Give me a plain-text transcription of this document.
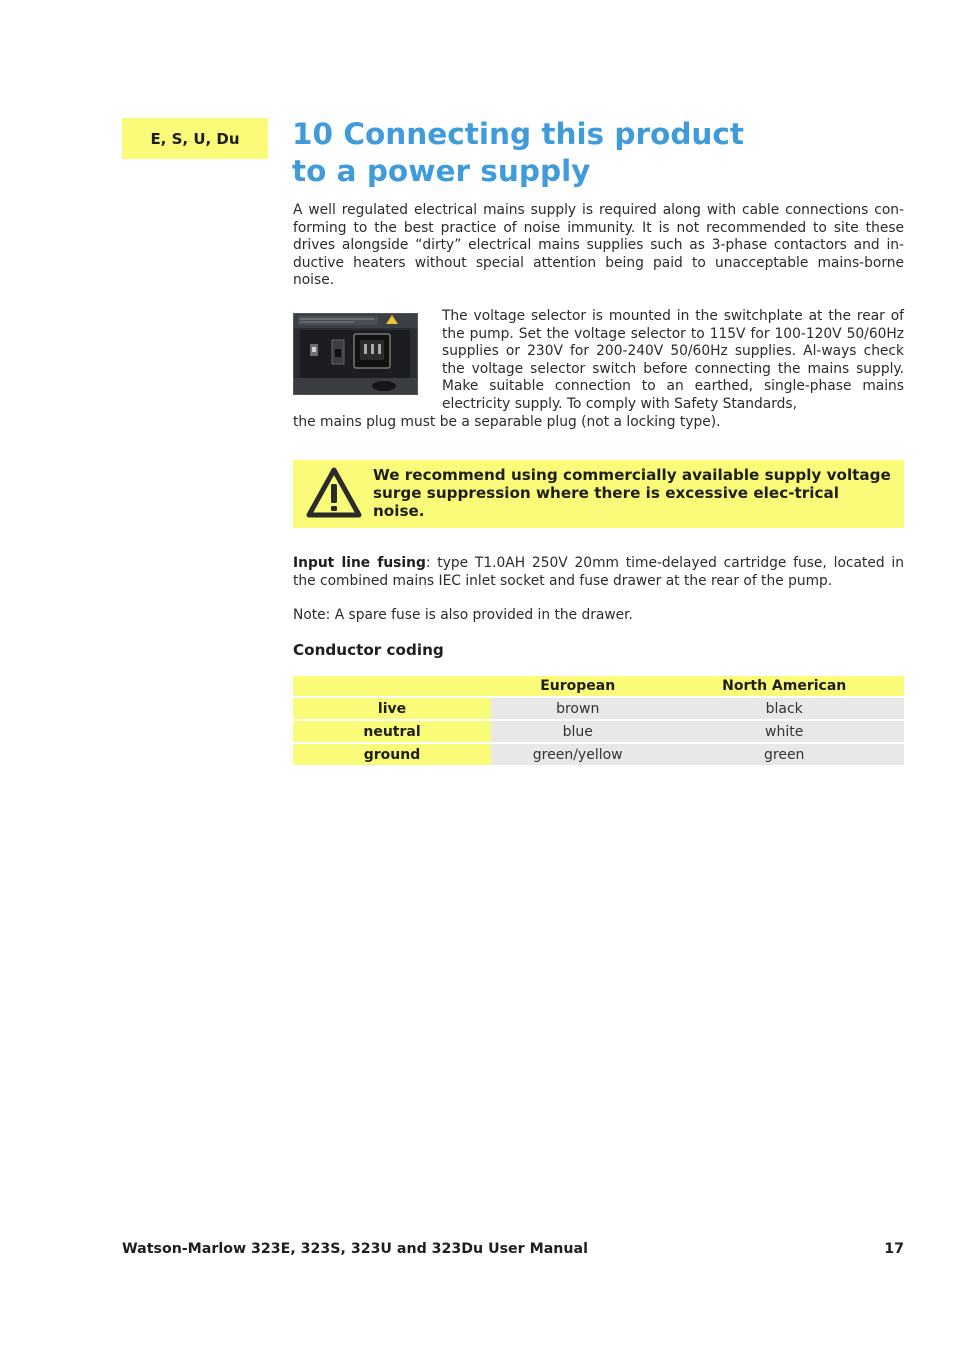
E, S, U, Du 10 Connecting this product
to a power supply

A well regulated electrical mains supply is required along with cable connections con-forming to the best practice of noise immunity. It is not recommended to site these drives alongside “dirty” electrical mains supplies such as 3-phase contactors and in-ductive heaters without special attention being paid to unacceptable mains-borne noise.

The voltage selector is mounted in the switchplate at the rear of the pump. Set the voltage selector to 115V for 100-120V 50/60Hz supplies or 230V for 200-240V 50/60Hz supplies. Al-ways check the voltage selector switch before connecting the mains supply. Make suitable connection to an earthed, single-phase mains electricity supply. To comply with Safety Standards,

the mains plug must be a separable plug (not a locking type).

We recommend using commercially available supply voltage surge suppression where there is excessive elec-trical noise.

Input line fusing: type T1.0AH 250V 20mm time-delayed cartridge fuse, located in the combined mains IEC inlet socket and fuse drawer at the rear of the pump.

Note: A spare fuse is also provided in the drawer.

Conductor coding
	European	North American
live	brown	black
neutral	blue	white
ground	green/yellow	green

Watson-Marlow 323E, 323S, 323U and 323Du User Manual	17
